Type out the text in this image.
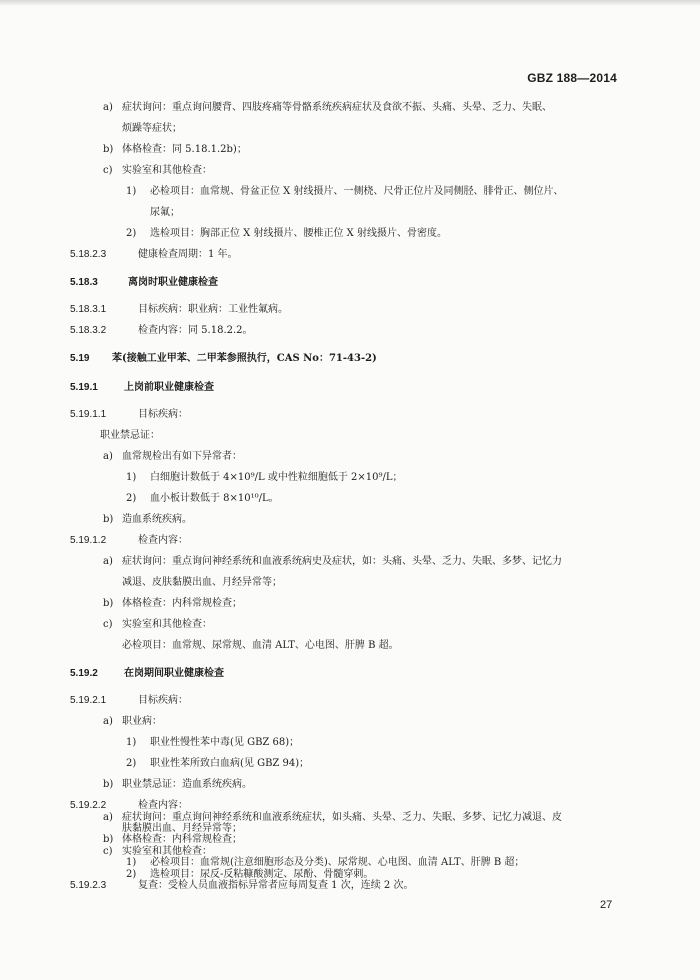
GBZ 188—2014
a) 症状询问：重点询问腰背、四肢疼痛等骨骼系统疾病症状及食欲不振、头痛、头晕、乏力、失眠、
烦躁等症状；
b) 体格检查：同 5.18.1.2b)；
c) 实验室和其他检查：
1) 必检项目：血常规、骨盆正位 X 射线摄片、一侧桡、尺骨正位片及同侧胫、腓骨正、侧位片、
尿氟；
2) 选检项目：胸部正位 X 射线摄片、腰椎正位 X 射线摄片、骨密度。
5.18.2.3	健康检查周期：1 年。
5.18.3	离岗时职业健康检查
5.18.3.1	目标疾病：职业病：工业性氟病。
5.18.3.2	检查内容：同 5.18.2.2。
5.19 苯(接触工业甲苯、二甲苯参照执行，CAS No：71-43-2)
5.19.1	上岗前职业健康检查
5.19.1.1	目标疾病：
职业禁忌证：
a) 血常规检出有如下异常者：
1) 白细胞计数低于 4×10⁹/L 或中性粒细胞低于 2×10⁹/L；
2) 血小板计数低于 8×10¹⁰/L。
b) 造血系统疾病。
5.19.1.2	检查内容：
a) 症状询问：重点询问神经系统和血液系统病史及症状，如：头痛、头晕、乏力、失眠、多梦、记忆力
减退、皮肤黏膜出血、月经异常等；
b) 体格检查：内科常规检查；
c) 实验室和其他检查：
必检项目：血常规、尿常规、血清 ALT、心电图、肝脾 B 超。
5.19.2	在岗期间职业健康检查
5.19.2.1	目标疾病：
a) 职业病：
1) 职业性慢性苯中毒(见 GBZ 68)；
2) 职业性苯所致白血病(见 GBZ 94)；
b) 职业禁忌证：造血系统疾病。
5.19.2.2	检查内容：
27
a) 症状询问：重点询问神经系统和血液系统症状，如头痛、头晕、乏力、失眠、多梦、记忆力减退、皮
肤黏膜出血、月经异常等；
b) 体格检查：内科常规检查；
c) 实验室和其他检查：
1) 必检项目：血常规(注意细胞形态及分类)、尿常规、心电图、血清 ALT、肝脾 B 超；
2) 选检项目：尿反-反粘糠酸测定、尿酚、骨髓穿刺。
5.19.2.3	复查：受检人员血液指标异常者应每周复查 1 次，连续 2 次。
